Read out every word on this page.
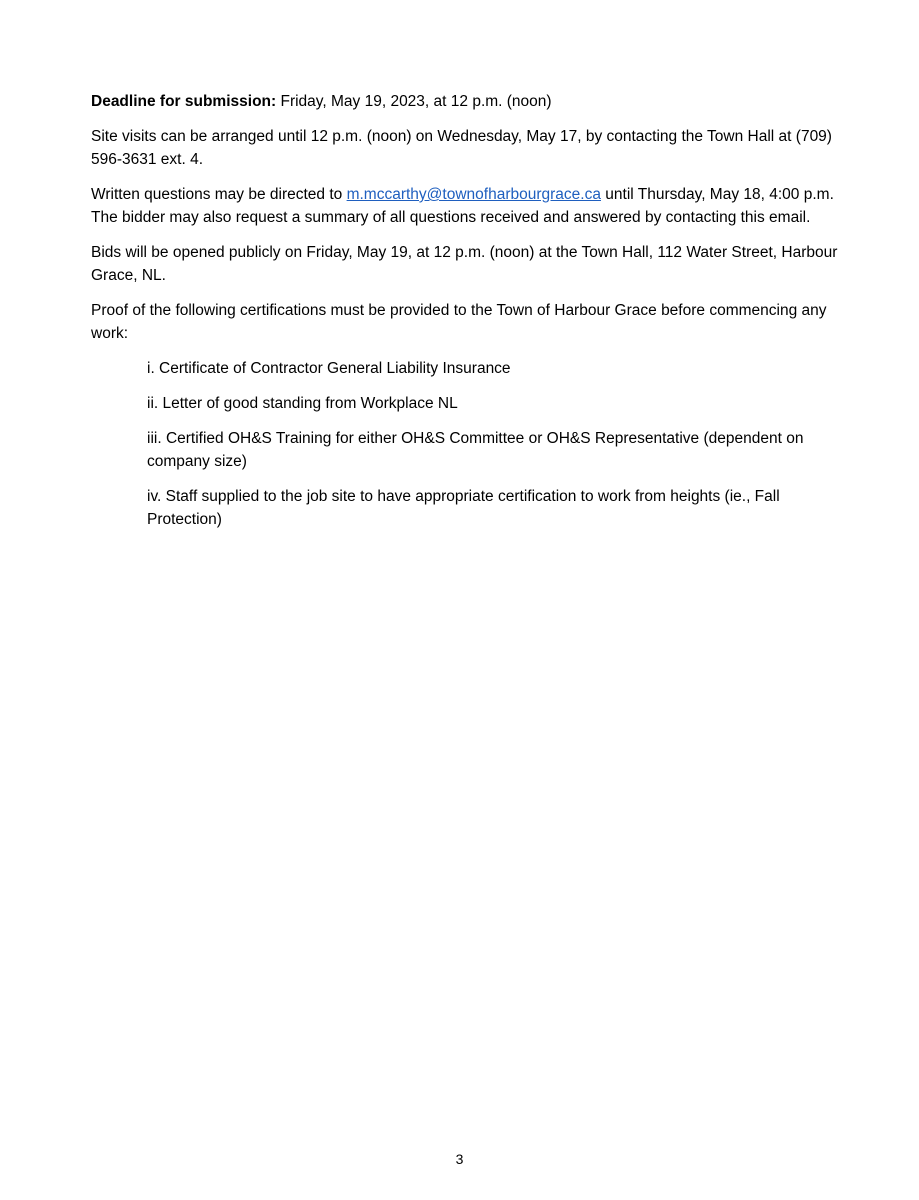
Deadline for submission: Friday, May 19, 2023, at 12 p.m. (noon)

Site visits can be arranged until 12 p.m. (noon) on Wednesday, May 17, by contacting the Town Hall at (709) 596-3631 ext. 4.

Written questions may be directed to m.mccarthy@townofharbourgrace.ca until Thursday, May 18, 4:00 p.m. The bidder may also request a summary of all questions received and answered by contacting this email.

Bids will be opened publicly on Friday, May 19, at 12 p.m. (noon) at the Town Hall, 112 Water Street, Harbour Grace, NL.

Proof of the following certifications must be provided to the Town of Harbour Grace before commencing any work:

i. Certificate of Contractor General Liability Insurance
ii. Letter of good standing from Workplace NL
iii. Certified OH&S Training for either OH&S Committee or OH&S Representative (dependent on company size)
iv. Staff supplied to the job site to have appropriate certification to work from heights (ie., Fall Protection)
3
